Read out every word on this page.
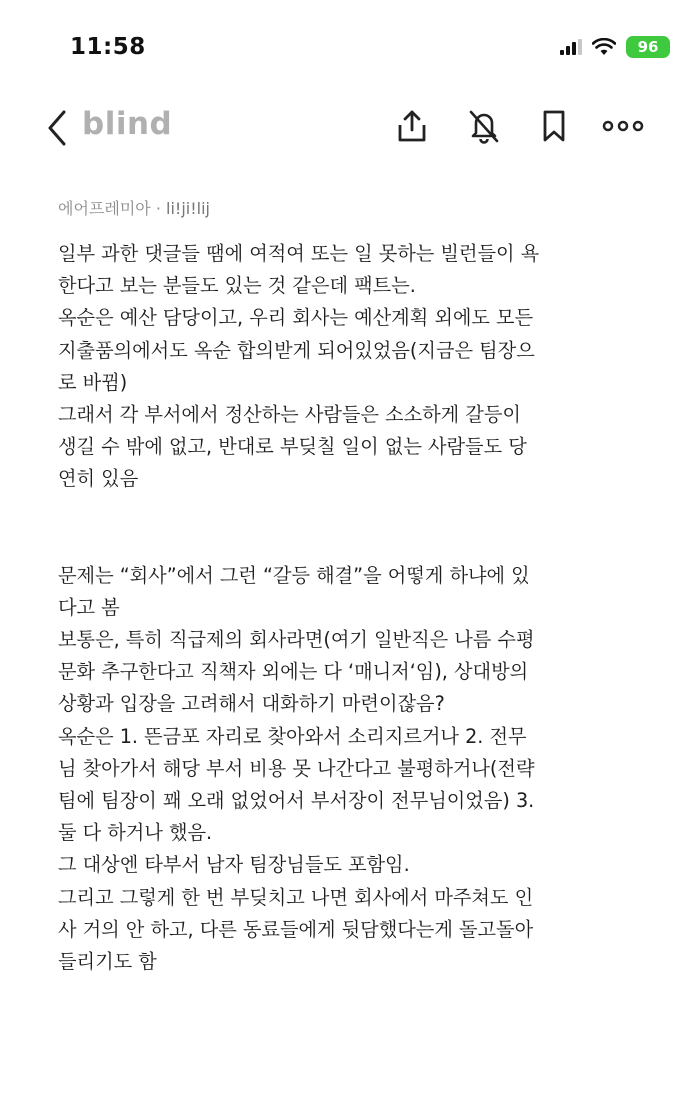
11:58	96
blind
에어프레미아 · li!ji!lij

일부 과한 댓글들 땜에 여적여 또는 일 못하는 빌런들이 욕

한다고 보는 분들도 있는 것 같은데 팩트는.

옥순은 예산 담당이고, 우리 회사는 예산계획 외에도 모든

지출품의에서도 옥순 합의받게 되어있었음(지금은 팀장으

로 바뀜)

그래서 각 부서에서 정산하는 사람들은 소소하게 갈등이

생길 수 밖에 없고, 반대로 부딪칠 일이 없는 사람들도 당

연히 있음

문제는 “회사”에서 그런 “갈등 해결”을 어떻게 하냐에 있

다고 봄

보통은, 특히 직급제의 회사라면(여기 일반직은 나름 수평

문화 추구한다고 직책자 외에는 다 ‘매니저‘임), 상대방의

상황과 입장을 고려해서 대화하기 마련이잖음?

옥순은 1. 뜬금포 자리로 찾아와서 소리지르거나 2. 전무

님 찾아가서 해당 부서 비용 못 나간다고 불평하거나(전략

팀에 팀장이 꽤 오래 없었어서 부서장이 전무님이었음) 3.

둘 다 하거나 했음.

그 대상엔 타부서 남자 팀장님들도 포함임.

그리고 그렇게 한 번 부딪치고 나면 회사에서 마주쳐도 인

사 거의 안 하고, 다른 동료들에게 뒷담했다는게 돌고돌아

들리기도 함
